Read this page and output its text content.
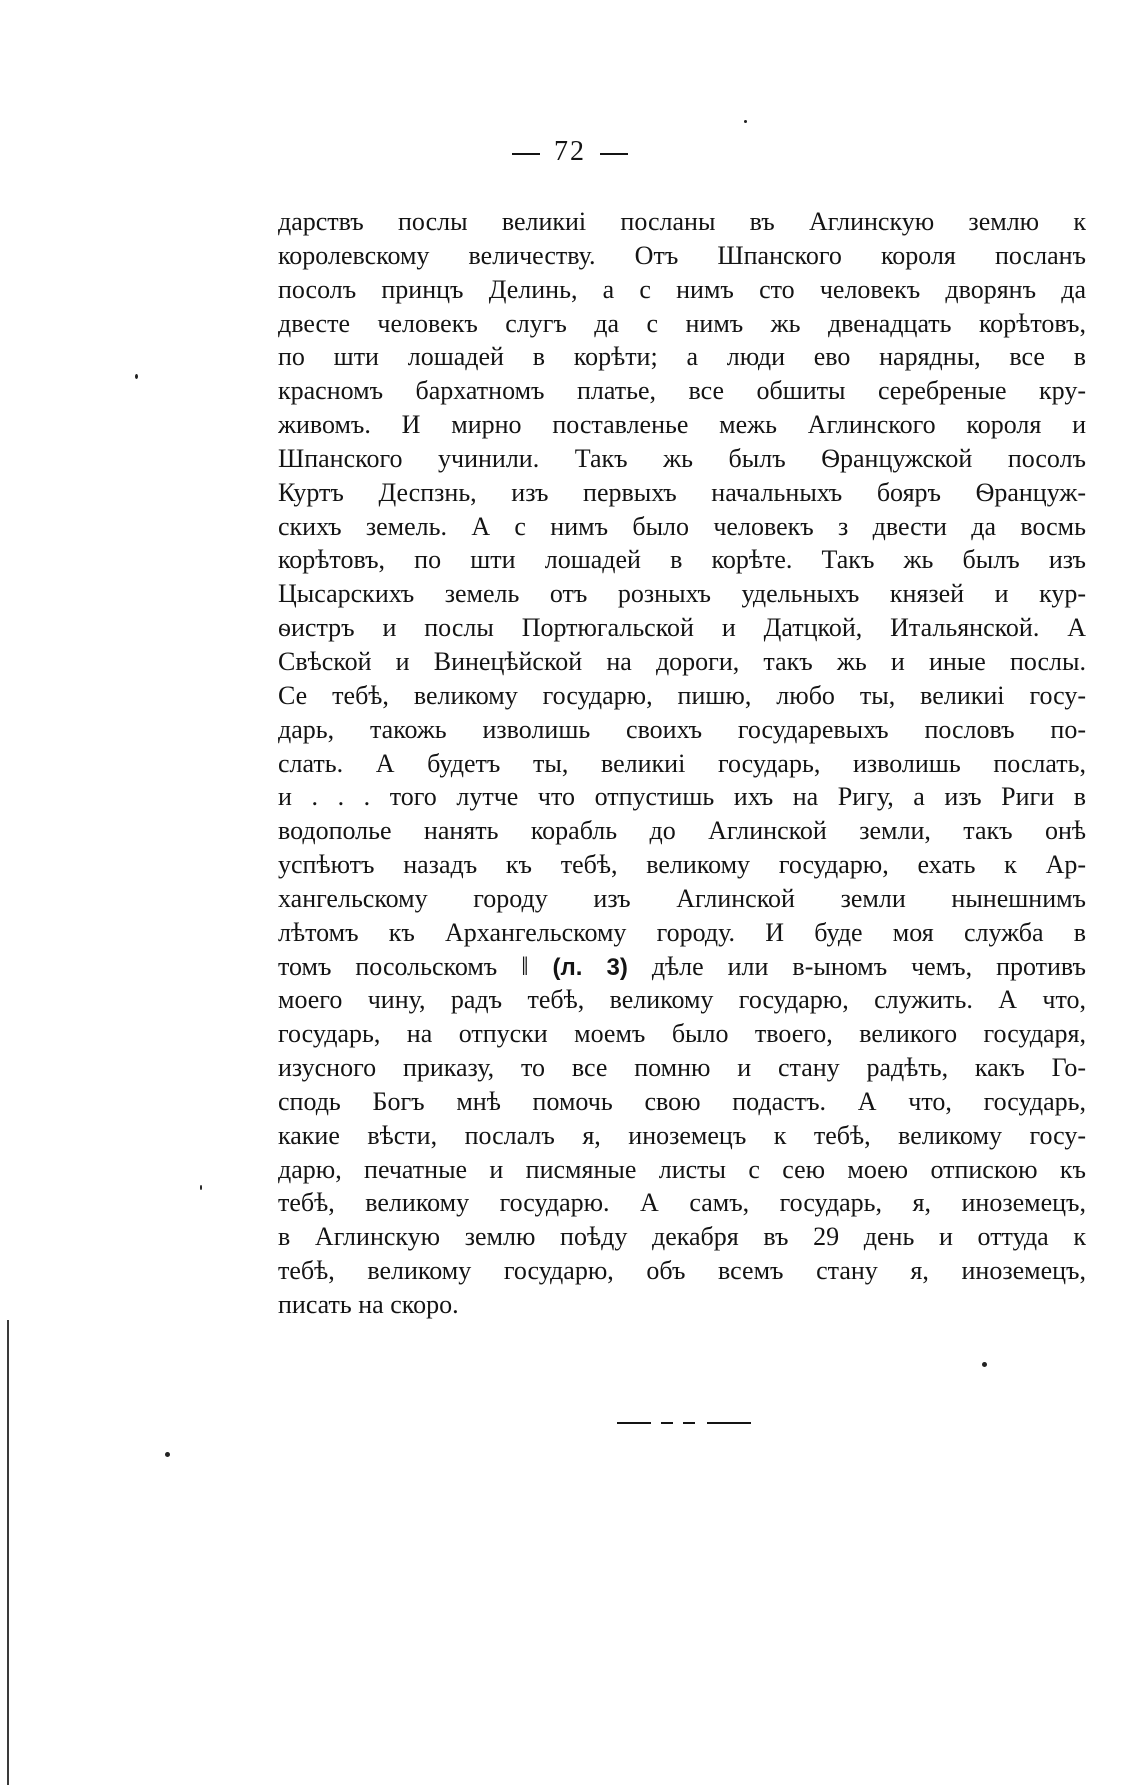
72
дарствъ послы великиі посланы въ Аглинскую землю к
королевскому величеству. Отъ Шпанского короля посланъ
посолъ принцъ Делинь, а с нимъ сто человекъ дворянъ да
двесте человекъ слугъ да с нимъ жь двенадцать корѣтовъ,
по шти лошадей в корѣти; а люди ево нарядны, все в
красномъ бархатномъ платье, все обшиты серебреные кру-
живомъ. И мирно поставленье межь Аглинского короля и
Шпанского учинили. Такъ жь былъ Ѳранцужской посолъ
Куртъ Деспзнь, изъ первыхъ начальныхъ бояръ Ѳранцуж-
скихъ земель. А с нимъ было человекъ з двести да восмь
корѣтовъ, по шти лошадей в корѣте. Такъ жь былъ изъ
Цысарскихъ земель отъ розныхъ удельныхъ князей и кур-
ѳистръ и послы Портюгальской и Датцкой, Итальянской. А
Свѣской и Винецѣйской на дороги, такъ жь и иные послы.
Се тебѣ, великому государю, пишю, любо ты, великиі госу-
дарь, такожь изволишь своихъ государевыхъ пословъ по-
слать. А будетъ ты, великиі государь, изволишь послать,
и . . . того лутче что отпустишь ихъ на Ригу, а изъ Риги в
водополье нанять корабль до Аглинской земли, такъ онѣ
успѣютъ назадъ къ тебѣ, великому государю, ехать к Ар-
хангельскому городу изъ Аглинской земли нынешнимъ
лѣтомъ къ Архангельскому городу. И буде моя служба в
томъ посольскомъ ‖ (л. 3) дѣле или в-ыномъ чемъ, противъ
моего чину, радъ тебѣ, великому государю, служить. А что,
государь, на отпуски моемъ было твоего, великого государя,
изусного приказу, то все помню и стану радѣть, какъ Го-
сподь Богъ мнѣ помочь свою подастъ. А что, государь,
какие вѣсти, послалъ я, иноземецъ к тебѣ, великому госу-
дарю, печатные и писмяные листы с сею моею отпискою къ
тебѣ, великому государю. А самъ, государь, я, иноземецъ,
в Аглинскую землю поѣду декабря въ 29 день и оттуда к
тебѣ, великому государю, объ всемъ стану я, иноземецъ,
писать на скоро.
